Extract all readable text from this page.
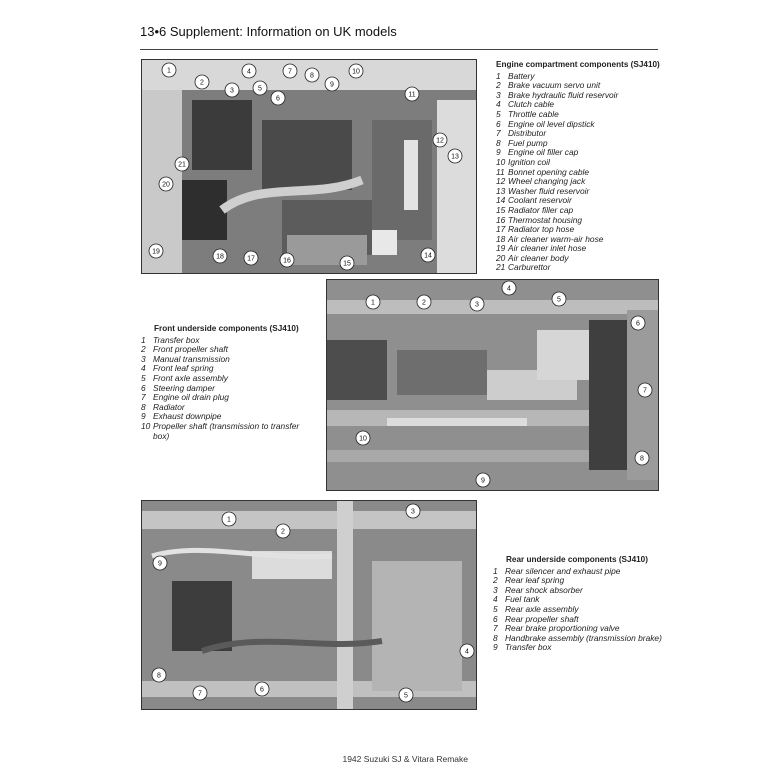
13•6 Supplement: Information on UK models
1
2
3
4
5
6
7
8
9
10
11
12
13
14
15
16
17
18
19
20
21
Engine compartment components (SJ410)
1 Battery
2 Brake vacuum servo unit
3 Brake hydraulic fluid reservoir
4 Clutch cable
5 Throttle cable
6 Engine oil level dipstick
7 Distributor
8 Fuel pump
9 Engine oil filler cap
10 Ignition coil
11 Bonnet opening cable
12 Wheel changing jack
13 Washer fluid reservoir
14 Coolant reservoir
15 Radiator filler cap
16 Thermostat housing
17 Radiator top hose
18 Air cleaner warm-air hose
19 Air cleaner inlet hose
20 Air cleaner body
21 Carburettor
1	2	3
4
5
6
7
8
9
10
Front underside components (SJ410)
1 Transfer box
2 Front propeller shaft
3 Manual transmission
4 Front leaf spring
5 Front axle assembly
6 Steering damper
7 Engine oil drain plug
8 Radiator
9 Exhaust downpipe
10 Propeller shaft (transmission to transfer box)
1
2
3
4
5
6
7
8
9	Rear underside components (SJ410)
1 Rear silencer and exhaust pipe
2 Rear leaf spring
3 Rear shock absorber
4 Fuel tank
5 Rear axle assembly
6 Rear propeller shaft
7 Rear brake proportioning valve
8 Handbrake assembly (transmission brake)
9 Transfer box
1942 Suzuki SJ & Vitara Remake
